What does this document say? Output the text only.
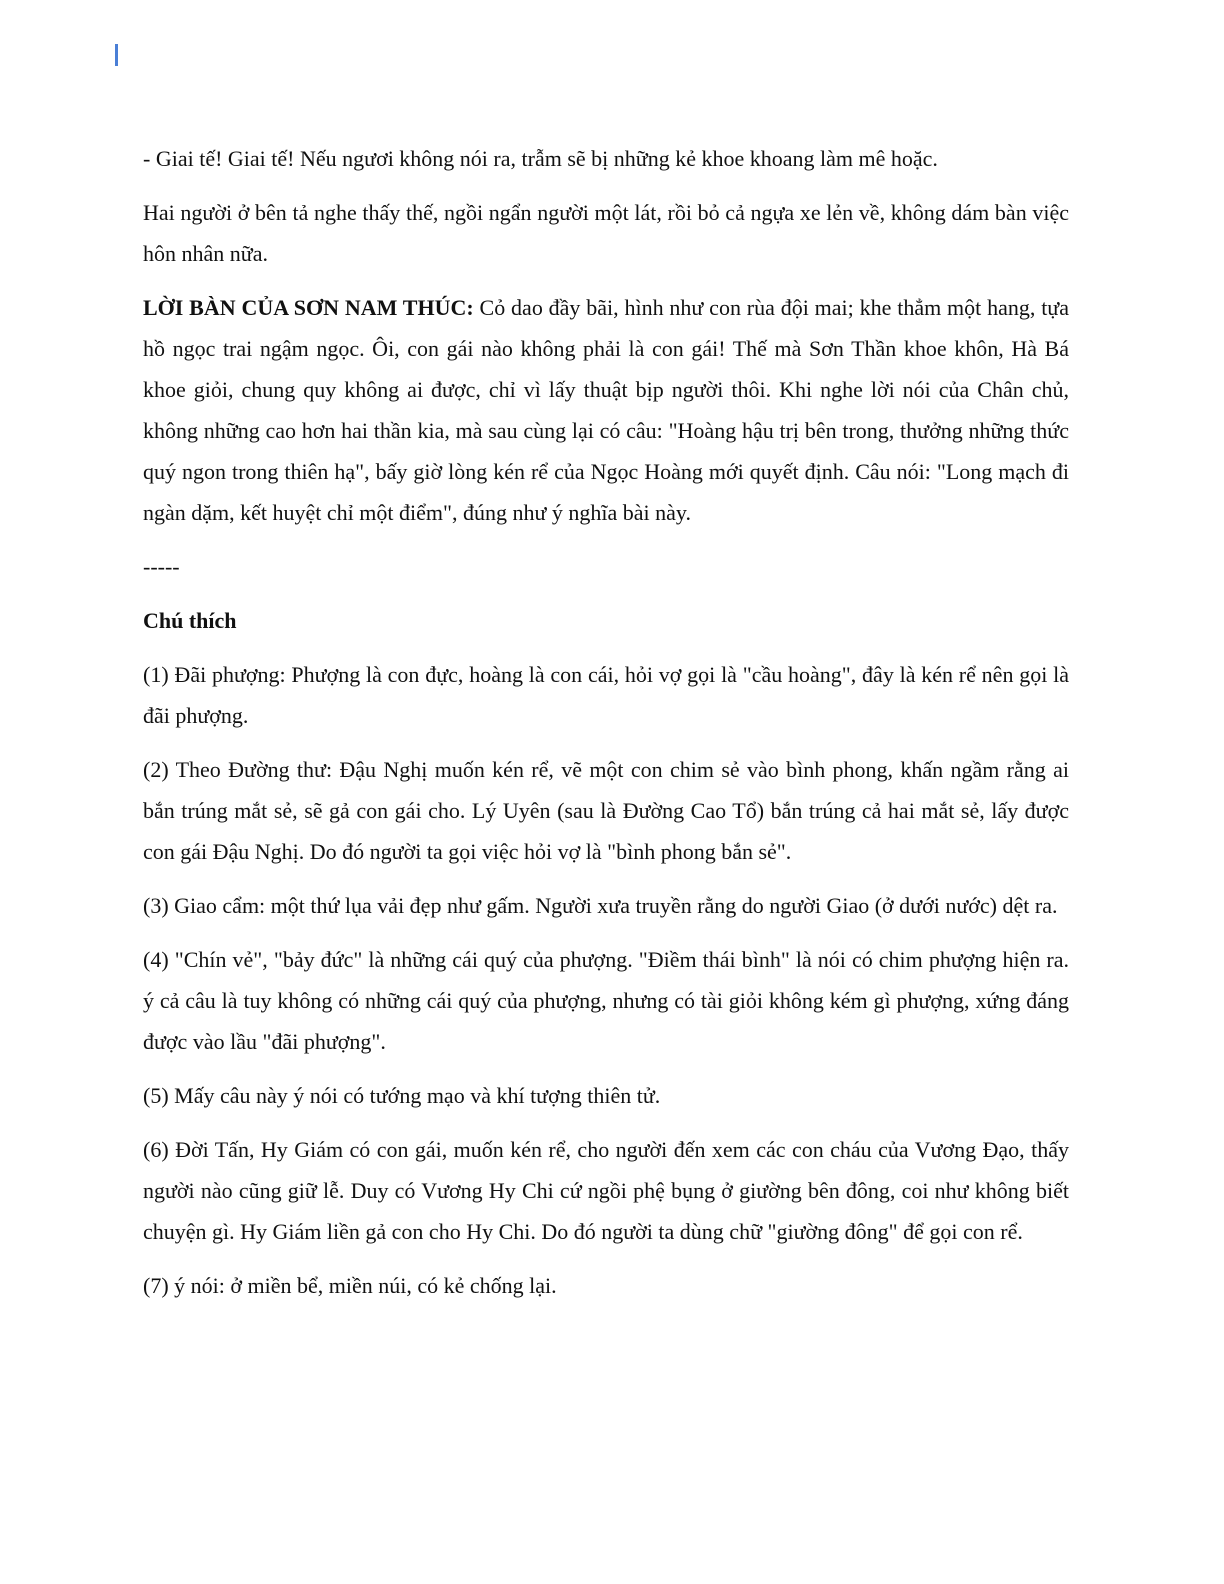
- Giai tế! Giai tế! Nếu ngươi không nói ra, trẫm sẽ bị những kẻ khoe khoang làm mê hoặc.

Hai người ở bên tả nghe thấy thế, ngồi ngẩn người một lát, rồi bỏ cả ngựa xe lẻn về, không dám bàn việc hôn nhân nữa.

LỜI BÀN CỦA SƠN NAM THÚC: Cỏ dao đầy bãi, hình như con rùa đội mai; khe thẳm một hang, tựa hồ ngọc trai ngậm ngọc. Ôi, con gái nào không phải là con gái! Thế mà Sơn Thần khoe khôn, Hà Bá khoe giỏi, chung quy không ai được, chỉ vì lấy thuật bịp người thôi. Khi nghe lời nói của Chân chủ, không những cao hơn hai thần kia, mà sau cùng lại có câu: "Hoàng hậu trị bên trong, thưởng những thức quý ngon trong thiên hạ", bấy giờ lòng kén rể của Ngọc Hoàng mới quyết định. Câu nói: "Long mạch đi ngàn dặm, kết huyệt chỉ một điểm", đúng như ý nghĩa bài này.

-----

Chú thích

(1) Đãi phượng: Phượng là con đực, hoàng là con cái, hỏi vợ gọi là "cầu hoàng", đây là kén rể nên gọi là đãi phượng.

(2) Theo Đường thư: Đậu Nghị muốn kén rể, vẽ một con chim sẻ vào bình phong, khấn ngầm rằng ai bắn trúng mắt sẻ, sẽ gả con gái cho. Lý Uyên (sau là Đường Cao Tổ) bắn trúng cả hai mắt sẻ, lấy được con gái Đậu Nghị. Do đó người ta gọi việc hỏi vợ là "bình phong bắn sẻ".

(3) Giao cẩm: một thứ lụa vải đẹp như gấm. Người xưa truyền rằng do người Giao (ở dưới nước) dệt ra.

(4) "Chín vẻ", "bảy đức" là những cái quý của phượng. "Điềm thái bình" là nói có chim phượng hiện ra. ý cả câu là tuy không có những cái quý của phượng, nhưng có tài giỏi không kém gì phượng, xứng đáng được vào lầu "đãi phượng".

(5) Mấy câu này ý nói có tướng mạo và khí tượng thiên tử.

(6) Đời Tấn, Hy Giám có con gái, muốn kén rể, cho người đến xem các con cháu của Vương Đạo, thấy người nào cũng giữ lễ. Duy có Vương Hy Chi cứ ngồi phệ bụng ở giường bên đông, coi như không biết chuyện gì. Hy Giám liền gả con cho Hy Chi. Do đó người ta dùng chữ "giường đông" để gọi con rể.

(7) ý nói: ở miền bể, miền núi, có kẻ chống lại.
